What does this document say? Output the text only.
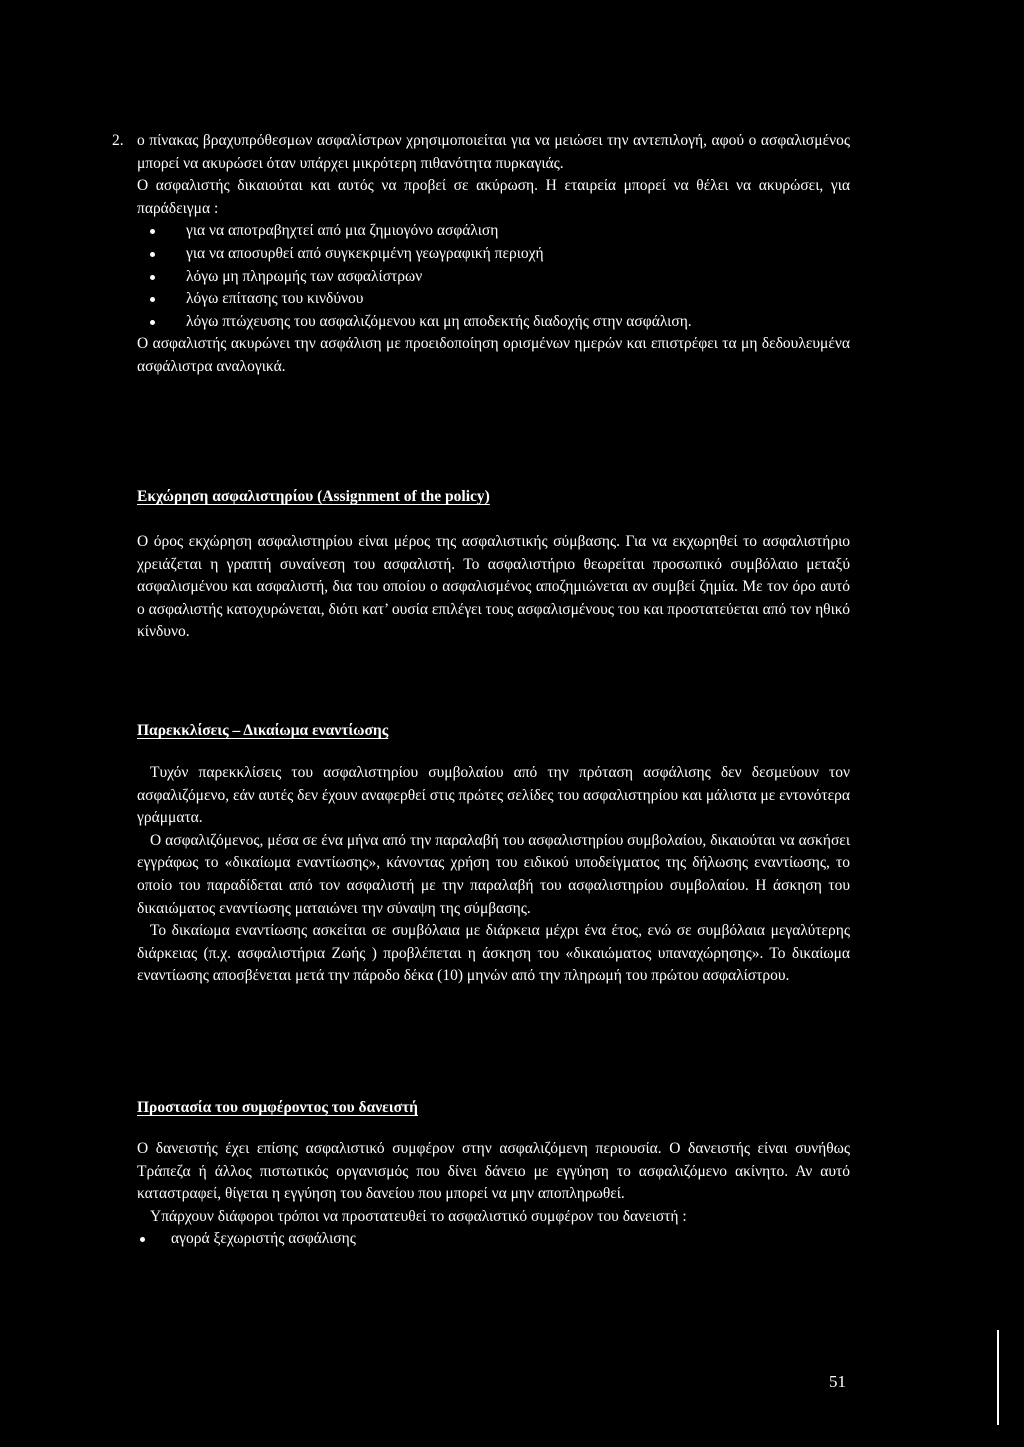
2. ο πίνακας βραχυπρόθεσμων ασφαλίστρων χρησιμοποιείται για να μειώσει την αντεπιλογή, αφού ο ασφαλισμένος μπορεί να ακυρώσει όταν υπάρχει μικρότερη πιθανότητα πυρκαγιάς.

Ο ασφαλιστής δικαιούται και αυτός να προβεί σε ακύρωση. Η εταιρεία μπορεί να θέλει να ακυρώσει, για παράδειγμα :

για να αποτραβηχτεί από μια ζημιογόνο ασφάλιση
για να αποσυρθεί από συγκεκριμένη γεωγραφική περιοχή
λόγω μη πληρωμής των ασφαλίστρων
λόγω επίτασης του κινδύνου
λόγω πτώχευσης του ασφαλιζόμενου και μη αποδεκτής διαδοχής στην ασφάλιση.

Ο ασφαλιστής ακυρώνει την ασφάλιση με προειδοποίηση ορισμένων ημερών και επιστρέφει τα μη δεδουλευμένα ασφάλιστρα αναλογικά.

Εκχώρηση ασφαλιστηρίου (Assignment of the policy)

Ο όρος εκχώρηση ασφαλιστηρίου είναι μέρος της ασφαλιστικής σύμβασης. Για να εκχωρηθεί το ασφαλιστήριο χρειάζεται η γραπτή συναίνεση του ασφαλιστή. Το ασφαλιστήριο θεωρείται προσωπικό συμβόλαιο μεταξύ ασφαλισμένου και ασφαλιστή, δια του οποίου ο ασφαλισμένος αποζημιώνεται αν συμβεί ζημία. Με τον όρο αυτό ο ασφαλιστής κατοχυρώνεται, διότι κατ’ ουσία επιλέγει τους ασφαλισμένους του και προστατεύεται από τον ηθικό κίνδυνο.

Παρεκκλίσεις – Δικαίωμα εναντίωσης

Τυχόν παρεκκλίσεις του ασφαλιστηρίου συμβολαίου από την πρόταση ασφάλισης δεν δεσμεύουν τον ασφαλιζόμενο, εάν αυτές δεν έχουν αναφερθεί στις πρώτες σελίδες του ασφαλιστηρίου και μάλιστα με εντονότερα γράμματα.

Ο ασφαλιζόμενος, μέσα σε ένα μήνα από την παραλαβή του ασφαλιστηρίου συμβολαίου, δικαιούται να ασκήσει εγγράφως το «δικαίωμα εναντίωσης», κάνοντας χρήση του ειδικού υποδείγματος της δήλωσης εναντίωσης, το οποίο του παραδίδεται από τον ασφαλιστή με την παραλαβή του ασφαλιστηρίου συμβολαίου. Η άσκηση του δικαιώματος εναντίωσης ματαιώνει την σύναψη της σύμβασης.

Το δικαίωμα εναντίωσης ασκείται σε συμβόλαια με διάρκεια μέχρι ένα έτος, ενώ σε συμβόλαια μεγαλύτερης διάρκειας (π.χ. ασφαλιστήρια Ζωής ) προβλέπεται η άσκηση του «δικαιώματος υπαναχώρησης». Το δικαίωμα εναντίωσης αποσβένεται μετά την πάροδο δέκα (10) μηνών από την πληρωμή του πρώτου ασφαλίστρου.

Προστασία του συμφέροντος του δανειστή

Ο δανειστής έχει επίσης ασφαλιστικό συμφέρον στην ασφαλιζόμενη περιουσία. Ο δανειστής είναι συνήθως Τράπεζα ή άλλος πιστωτικός οργανισμός που δίνει δάνειο με εγγύηση το ασφαλιζόμενο ακίνητο. Αν αυτό καταστραφεί, θίγεται η εγγύηση του δανείου που μπορεί να μην αποπληρωθεί.

Υπάρχουν διάφοροι τρόποι να προστατευθεί το ασφαλιστικό συμφέρον του δανειστή :

αγορά ξεχωριστής ασφάλισης
51
